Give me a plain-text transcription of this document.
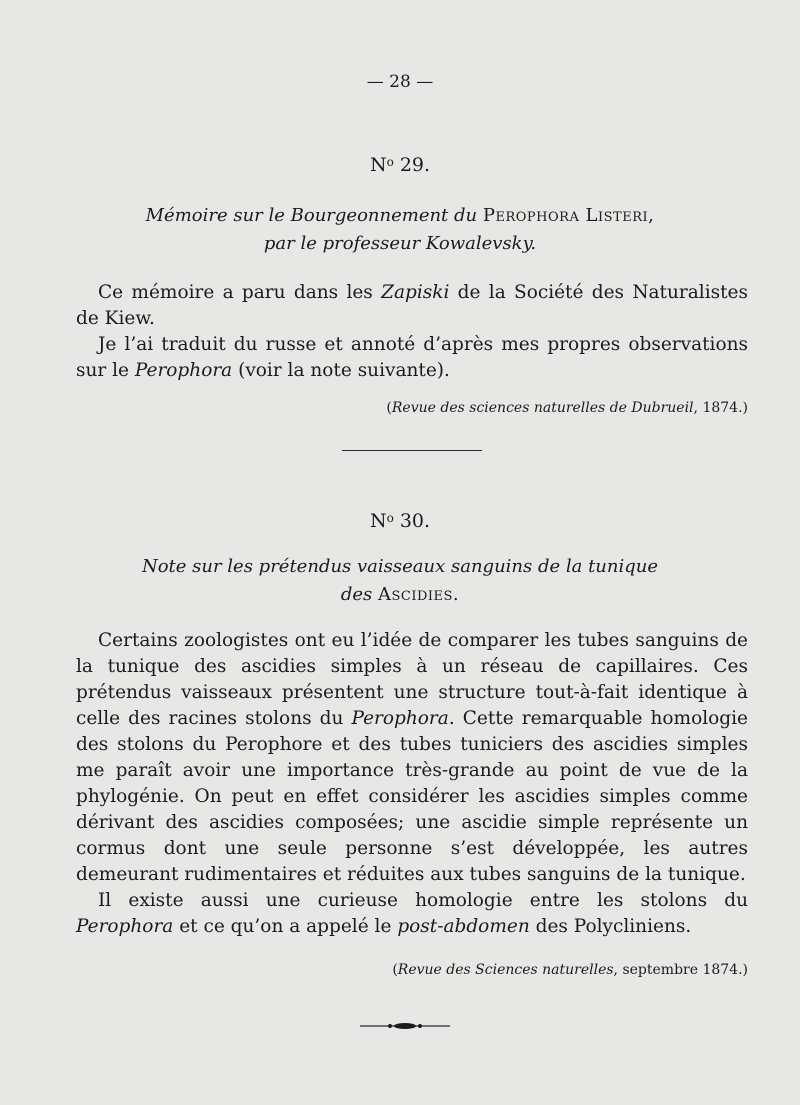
— 28 —
$N^o$ 29.
Mémoire sur le Bourgeonnement du Perophora Listeri,
par le professeur Kowalevsky.
Ce mémoire a paru dans les Zapiski de la Société des Naturalistes de Kiew.
Je l’ai traduit du russe et annoté d’après mes propres observations sur le Perophora (voir la note suivante).
(Revue des sciences naturelles de Dubrueil, 1874.)
$N^o$ 30.
Note sur les prétendus vaisseaux sanguins de la tunique
des Ascidies.
Certains zoologistes ont eu l’idée de comparer les tubes sanguins de la tunique des ascidies simples à un réseau de capillaires. Ces prétendus vaisseaux présentent une structure tout-à-fait identique à celle des racines stolons du Perophora. Cette remarquable homologie des stolons du Perophore et des tubes tuniciers des ascidies simples me paraît avoir une importance très-grande au point de vue de la phylogénie. On peut en effet considérer les ascidies simples comme dérivant des ascidies composées; une ascidie simple représente un cormus dont une seule personne s’est développée, les autres demeurant rudimentaires et réduites aux tubes sanguins de la tunique.
Il existe aussi une curieuse homologie entre les stolons du Perophora et ce qu’on a appelé le post-abdomen des Polycliniens.
(Revue des Sciences naturelles, septembre 1874.)
